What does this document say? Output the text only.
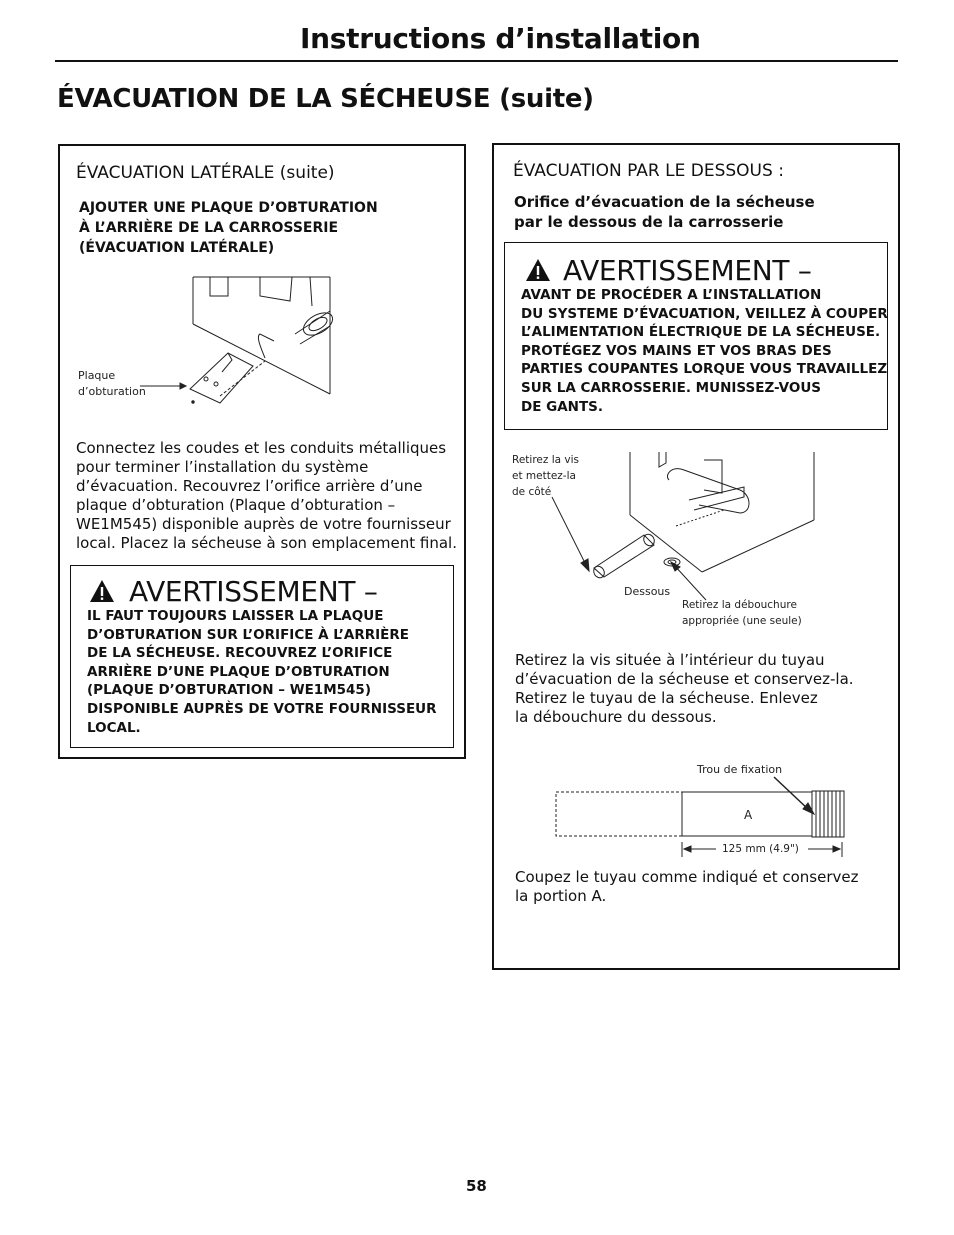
Instructions d’installation
ÉVACUATION DE LA SÉCHEUSE (suite)
ÉVACUATION LATÉRALE (suite)
AJOUTER UNE PLAQUE D’OBTURATION
À L’ARRIÈRE DE LA CARROSSERIE
(ÉVACUATION LATÉRALE)
Plaque
d’obturation
Connectez les coudes et les conduits métalliques
pour terminer l’installation du système
d’évacuation. Recouvrez l’orifice arrière d’une
plaque d’obturation (Plaque d’obturation –
WE1M545) disponible auprès de votre fournisseur
local. Placez la sécheuse à son emplacement final.
AVERTISSEMENT –
IL FAUT TOUJOURS LAISSER LA PLAQUE
D’OBTURATION SUR L’ORIFICE À L’ARRIÈRE
DE LA SÉCHEUSE. RECOUVREZ L’ORIFICE
ARRIÈRE D’UNE PLAQUE D’OBTURATION
(PLAQUE D’OBTURATION – WE1M545)
DISPONIBLE AUPRÈS DE VOTRE FOURNISSEUR
LOCAL.
ÉVACUATION PAR LE DESSOUS :
Orifice d’évacuation de la sécheuse
par le dessous de la carrosserie
AVERTISSEMENT –
AVANT DE PROCÉDER A L’INSTALLATION
DU SYSTEME D’ÉVACUATION, VEILLEZ À COUPER
L’ALIMENTATION ÉLECTRIQUE DE LA SÉCHEUSE.
PROTÉGEZ VOS MAINS ET VOS BRAS DES
PARTIES COUPANTES LORQUE VOUS TRAVAILLEZ
SUR LA CARROSSERIE. MUNISSEZ-VOUS
DE GANTS.
Retirez la vis
et mettez-la
de côté
Dessous
Retirez la débouchure
appropriée (une seule)
Retirez la vis située à l’intérieur du tuyau
d’évacuation de la sécheuse et conservez-la.
Retirez le tuyau de la sécheuse. Enlevez
la débouchure du dessous.
Trou de fixation
A
125 mm (4.9")
Coupez le tuyau comme indiqué et conservez
la portion A.
58
